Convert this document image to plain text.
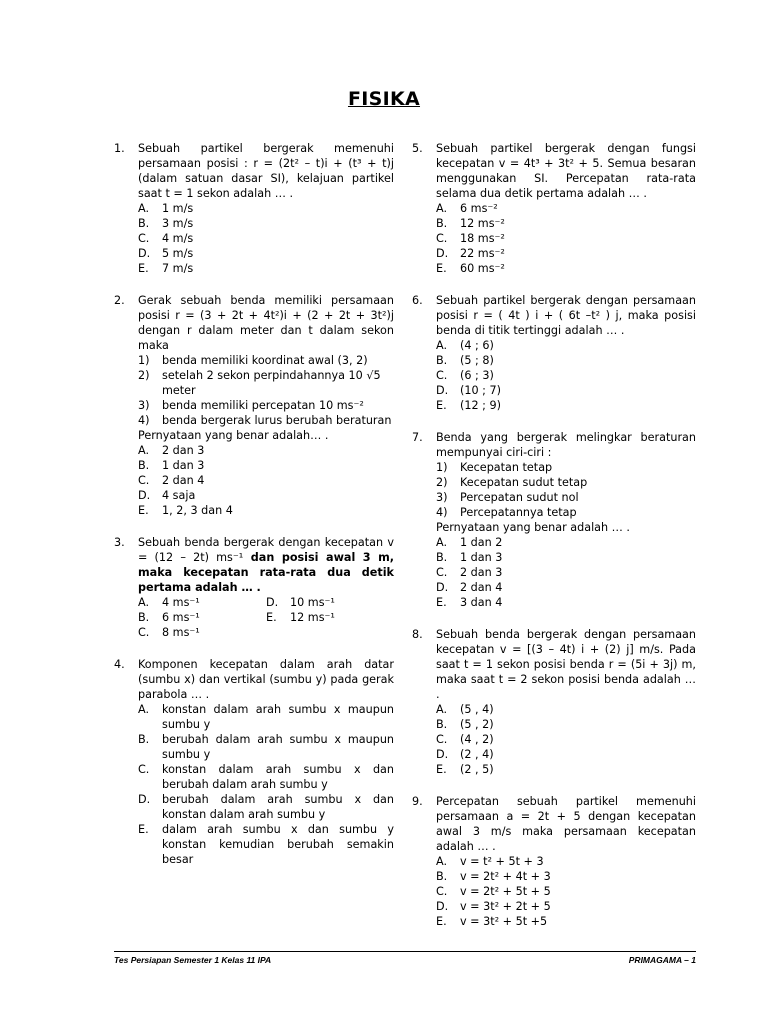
FISIKA
1. Sebuah partikel bergerak memenuhi persamaan posisi : r = (2t² – t)i + (t³ + t)j (dalam satuan dasar SI), kelajuan partikel saat t = 1 sekon adalah … .
A. 1 m/s
B. 3 m/s
C. 4 m/s
D. 5 m/s
E. 7 m/s
2. Gerak sebuah benda memiliki persamaan posisi r = (3 + 2t + 4t²)i + (2 + 2t + 3t²)j dengan r dalam meter dan t dalam sekon maka
1) benda memiliki koordinat awal (3, 2)
2) setelah 2 sekon perpindahannya 10 √5 meter
3) benda memiliki percepatan 10 ms⁻²
4) benda bergerak lurus berubah beraturan
Pernyataan yang benar adalah… .
A. 2 dan 3
B. 1 dan 3
C. 2 dan 4
D. 4 saja
E. 1, 2, 3 dan 4
3. Sebuah benda bergerak dengan kecepatan v = (12 – 2t) ms⁻¹ dan posisi awal 3 m, maka kecepatan rata-rata dua detik pertama adalah … .
A. 4 ms⁻¹	D. 10 ms⁻¹
B. 6 ms⁻¹	E. 12 ms⁻¹
C. 8 ms⁻¹
4. Komponen kecepatan dalam arah datar (sumbu x) dan vertikal (sumbu y) pada gerak parabola … .
A. konstan dalam arah sumbu x maupun sumbu y
B. berubah dalam arah sumbu x maupun sumbu y
C. konstan dalam arah sumbu x dan berubah dalam arah sumbu y
D. berubah dalam arah sumbu x dan konstan dalam arah sumbu y
E. dalam arah sumbu x dan sumbu y konstan kemudian berubah semakin besar
5. Sebuah partikel bergerak dengan fungsi kecepatan v = 4t³ + 3t² + 5. Semua besaran menggunakan SI. Percepatan rata-rata selama dua detik pertama adalah … .
A. 6 ms⁻²
B. 12 ms⁻²
C. 18 ms⁻²
D. 22 ms⁻²
E. 60 ms⁻²
6. Sebuah partikel bergerak dengan persamaan posisi r = ( 4t ) i + ( 6t –t² ) j, maka posisi benda di titik tertinggi adalah … .
A. (4 ; 6)
B. (5 ; 8)
C. (6 ; 3)
D. (10 ; 7)
E. (12 ; 9)
7. Benda yang bergerak melingkar beraturan mempunyai ciri-ciri :
1) Kecepatan tetap
2) Kecepatan sudut tetap
3) Percepatan sudut nol
4) Percepatannya tetap
Pernyataan yang benar adalah … .
A. 1 dan 2
B. 1 dan 3
C. 2 dan 3
D. 2 dan 4
E. 3 dan 4
8. Sebuah benda bergerak dengan persamaan kecepatan v = [(3 – 4t) i + (2) j] m/s. Pada saat t = 1 sekon posisi benda r = (5i + 3j) m, maka saat t = 2 sekon posisi benda adalah … .
A. (5 , 4)
B. (5 , 2)
C. (4 , 2)
D. (2 , 4)
E. (2 , 5)
9. Percepatan sebuah partikel memenuhi persamaan a = 2t + 5 dengan kecepatan awal 3 m/s maka persamaan kecepatan adalah … .
A. v = t² + 5t + 3
B. v = 2t² + 4t + 3
C. v = 2t² + 5t + 5
D. v = 3t² + 2t + 5
E. v = 3t² + 5t +5
Tes Persiapan Semester 1 Kelas 11 IPA	PRIMAGAMA – 1
